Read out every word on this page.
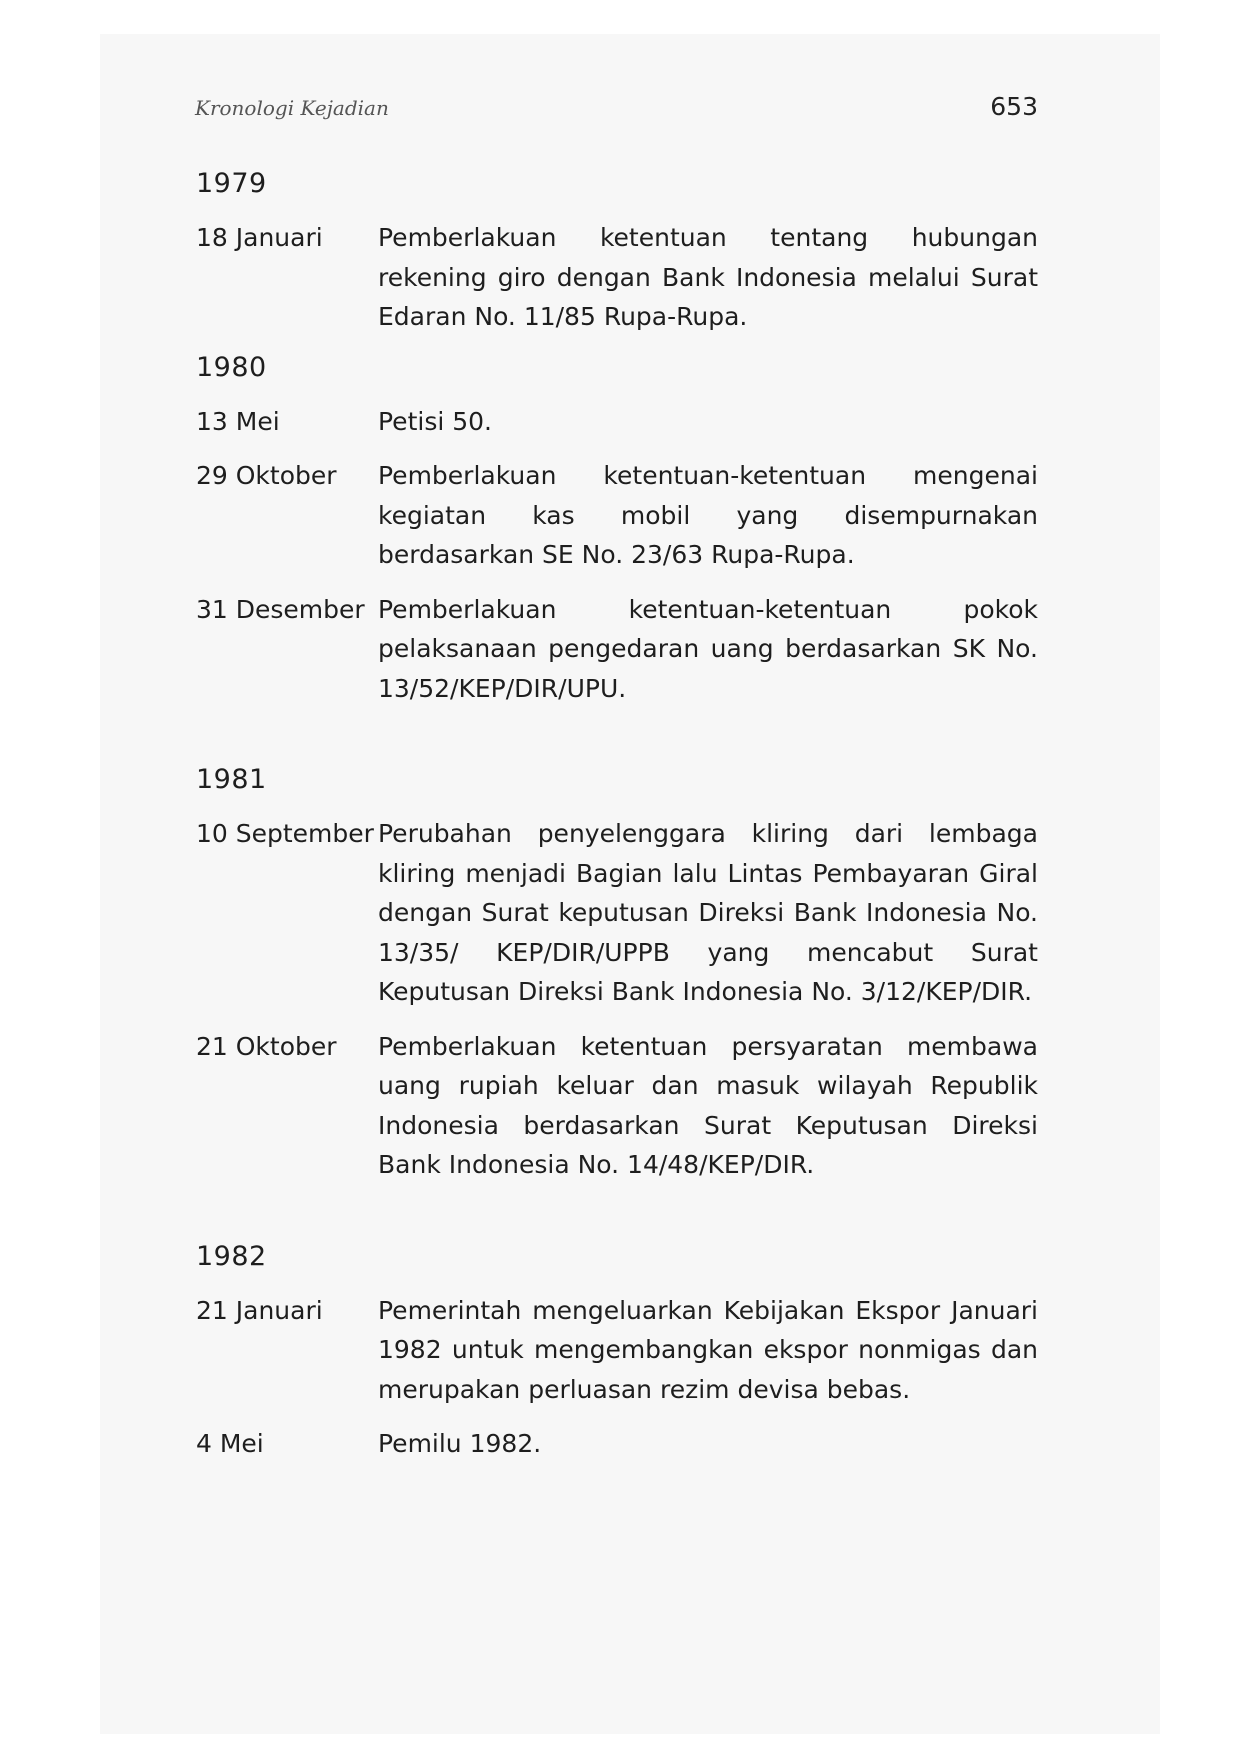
Kronologi Kejadian	653
1979
18 Januari	Pemberlakuan ketentuan tentang hubungan rekening giro dengan Bank Indonesia melalui Surat Edaran No. 11/85 Rupa-Rupa.
1980
13 Mei	Petisi 50.
29 Oktober	Pemberlakuan ketentuan-ketentuan mengenai kegiatan kas mobil yang disempurnakan berdasarkan SE No. 23/63 Rupa-Rupa.
31 Desember Pemberlakuan ketentuan-ketentuan pokok pelaksanaan pengedaran uang berdasarkan SK No. 13/52/KEP/DIR/UPU.
1981
10 September Perubahan penyelenggara kliring dari lembaga kliring menjadi Bagian lalu Lintas Pembayaran Giral dengan Surat keputusan Direksi Bank Indonesia No. 13/35/ KEP/DIR/UPPB yang mencabut Surat Keputusan Direksi Bank Indonesia No. 3/12/KEP/DIR.
21 Oktober	Pemberlakuan ketentuan persyaratan membawa uang rupiah keluar dan masuk wilayah Republik Indonesia berdasarkan Surat Keputusan Direksi Bank Indonesia No. 14/48/KEP/DIR.
1982
21 Januari	Pemerintah mengeluarkan Kebijakan Ekspor Januari 1982 untuk mengembangkan ekspor nonmigas dan merupakan perluasan rezim devisa bebas.
4 Mei	Pemilu 1982.
